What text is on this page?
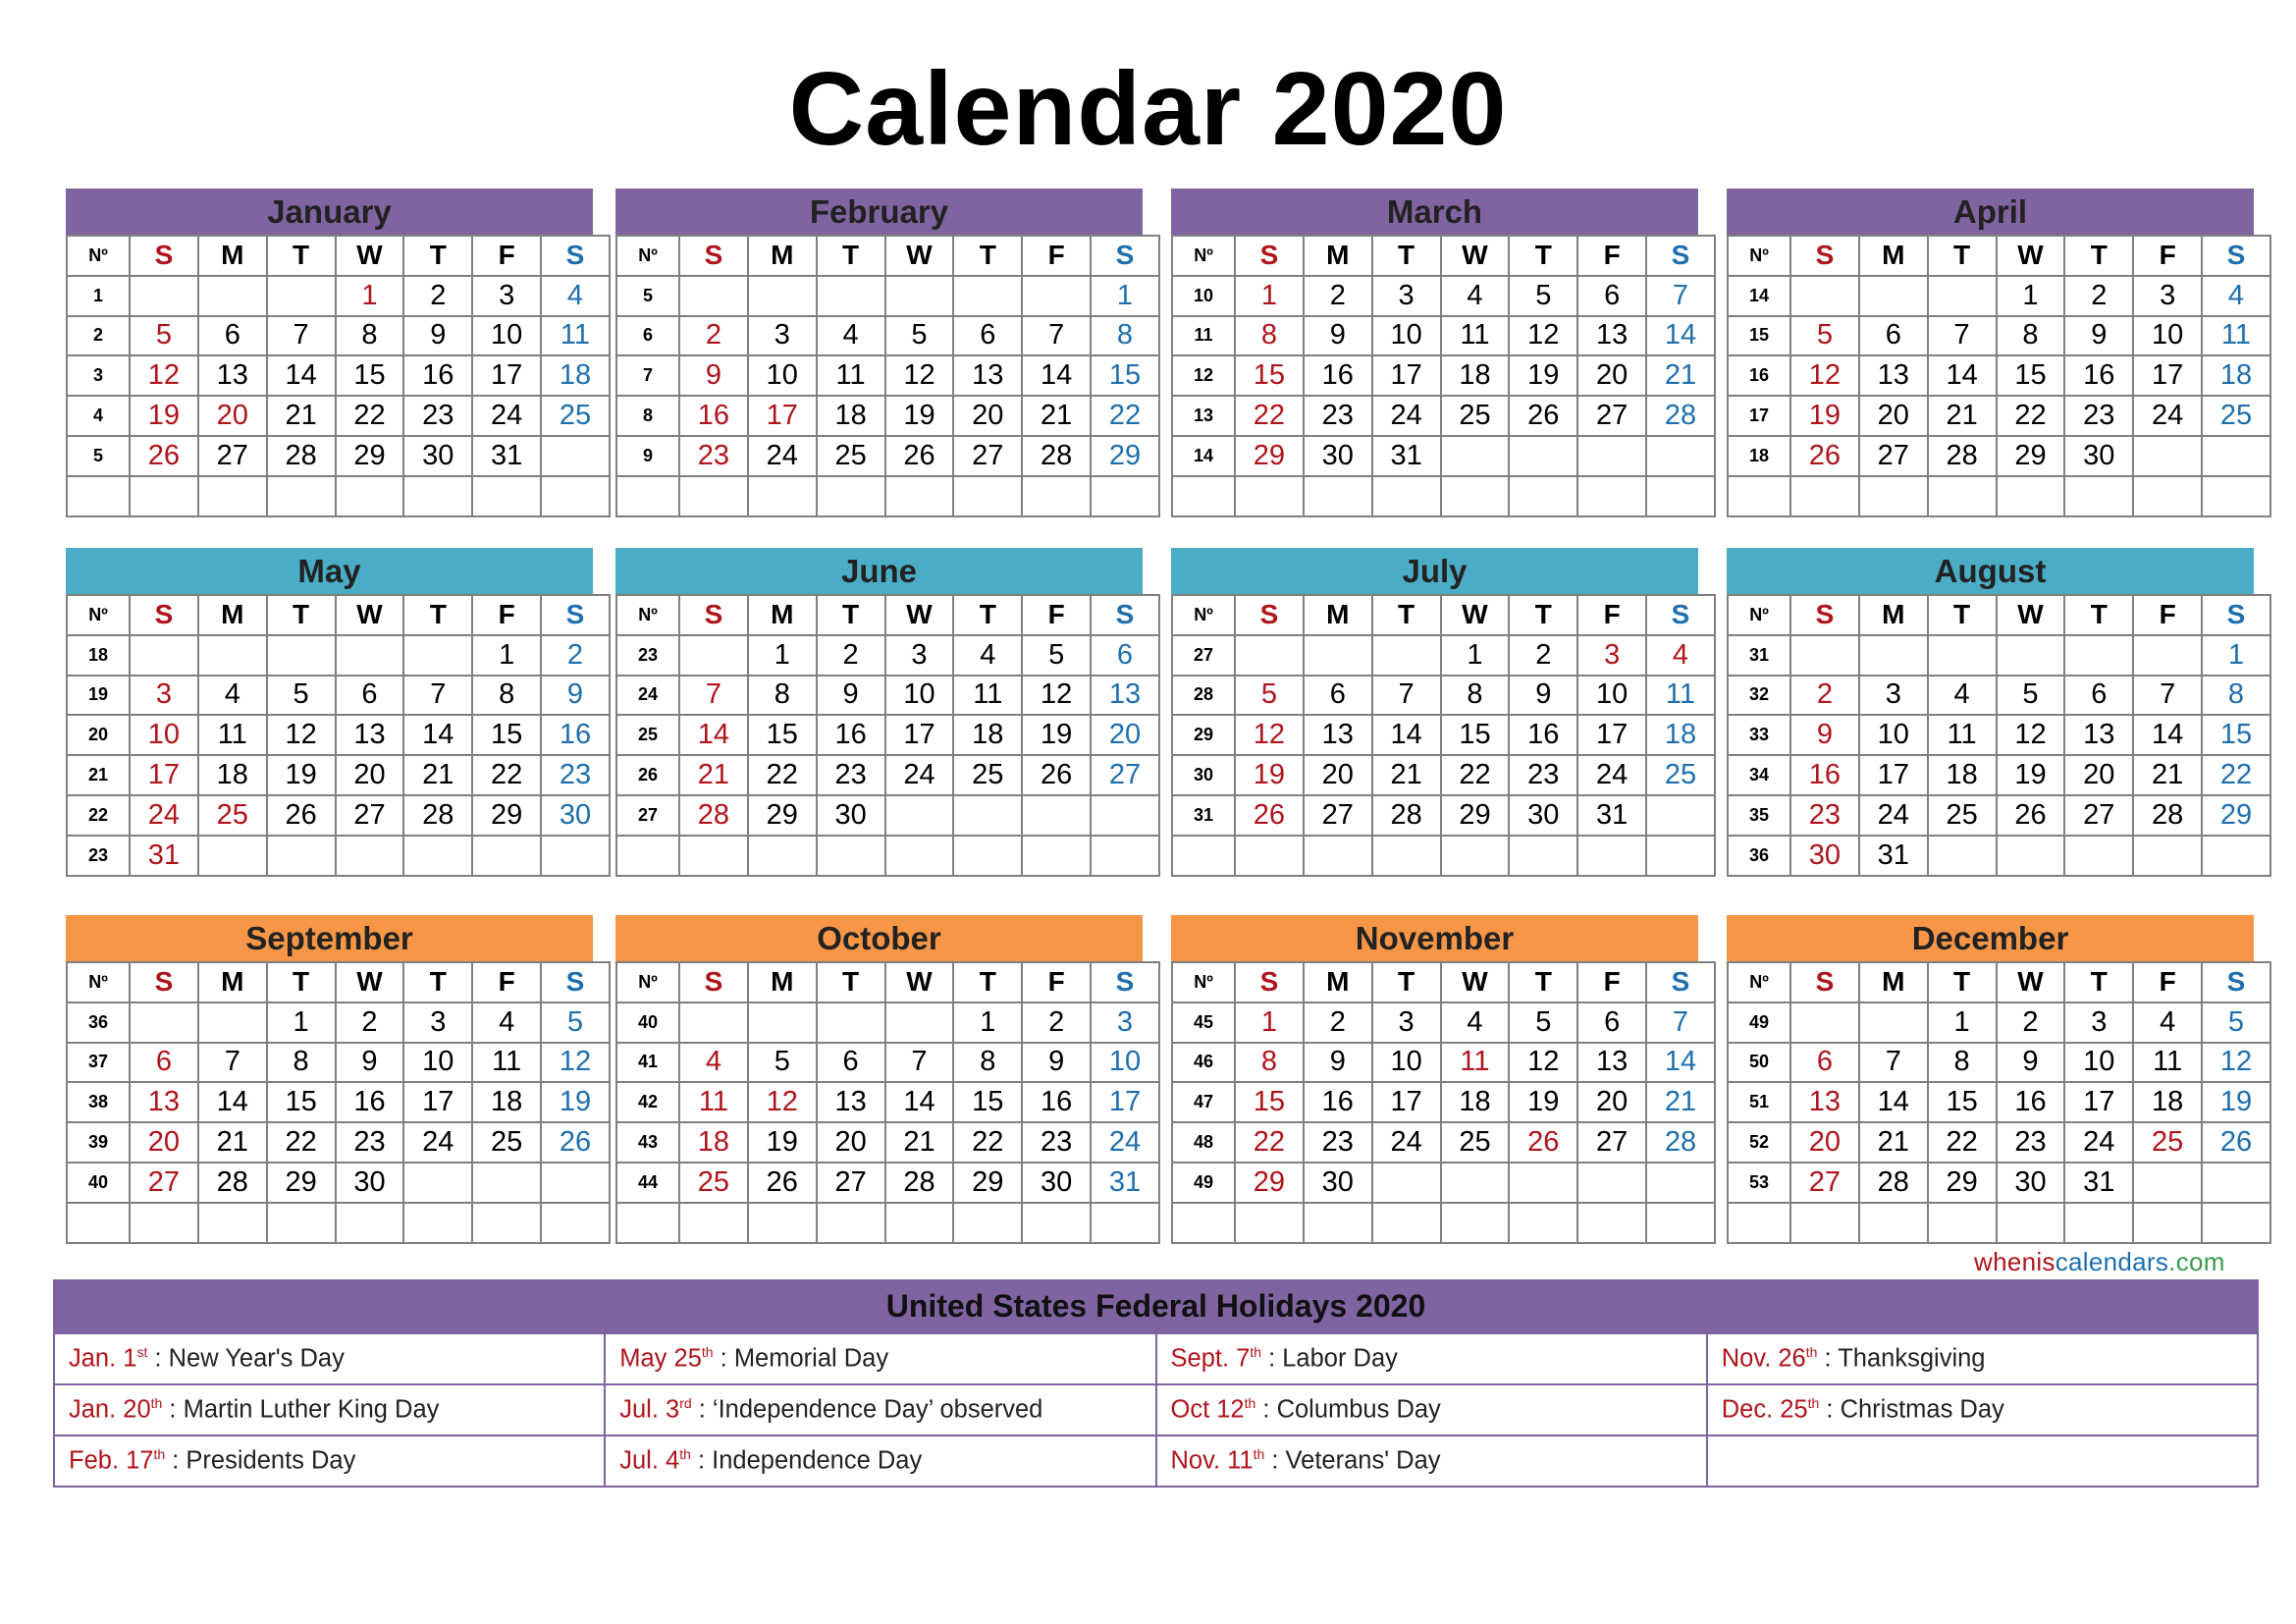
Calendar 2020
January
Nº	S	M	T	W	T	F	S
1				1	2	3	4
2	5	6	7	8	9	10	11
3	12	13	14	15	16	17	18
4	19	20	21	22	23	24	25
5	26	27	28	29	30	31	

February
Nº	S	M	T	W	T	F	S
5							1
6	2	3	4	5	6	7	8
7	9	10	11	12	13	14	15
8	16	17	18	19	20	21	22
9	23	24	25	26	27	28	29

March
Nº	S	M	T	W	T	F	S
10	1	2	3	4	5	6	7
11	8	9	10	11	12	13	14
12	15	16	17	18	19	20	21
13	22	23	24	25	26	27	28
14	29	30	31				

April
Nº	S	M	T	W	T	F	S
14				1	2	3	4
15	5	6	7	8	9	10	11
16	12	13	14	15	16	17	18
17	19	20	21	22	23	24	25
18	26	27	28	29	30		

May
Nº	S	M	T	W	T	F	S
18						1	2
19	3	4	5	6	7	8	9
20	10	11	12	13	14	15	16
21	17	18	19	20	21	22	23
22	24	25	26	27	28	29	30
23	31						
June
Nº	S	M	T	W	T	F	S
23		1	2	3	4	5	6
24	7	8	9	10	11	12	13
25	14	15	16	17	18	19	20
26	21	22	23	24	25	26	27
27	28	29	30				

July
Nº	S	M	T	W	T	F	S
27				1	2	3	4
28	5	6	7	8	9	10	11
29	12	13	14	15	16	17	18
30	19	20	21	22	23	24	25
31	26	27	28	29	30	31	

August
Nº	S	M	T	W	T	F	S
31							1
32	2	3	4	5	6	7	8
33	9	10	11	12	13	14	15
34	16	17	18	19	20	21	22
35	23	24	25	26	27	28	29
36	30	31					
September
Nº	S	M	T	W	T	F	S
36			1	2	3	4	5
37	6	7	8	9	10	11	12
38	13	14	15	16	17	18	19
39	20	21	22	23	24	25	26
40	27	28	29	30			

October
Nº	S	M	T	W	T	F	S
40					1	2	3
41	4	5	6	7	8	9	10
42	11	12	13	14	15	16	17
43	18	19	20	21	22	23	24
44	25	26	27	28	29	30	31

November
Nº	S	M	T	W	T	F	S
45	1	2	3	4	5	6	7
46	8	9	10	11	12	13	14
47	15	16	17	18	19	20	21
48	22	23	24	25	26	27	28
49	29	30					

December
Nº	S	M	T	W	T	F	S
49			1	2	3	4	5
50	6	7	8	9	10	11	12
51	13	14	15	16	17	18	19
52	20	21	22	23	24	25	26
53	27	28	29	30	31		

wheniscalendars.com
United States Federal Holidays 2020
Jan. 1st : New Year's Day	May 25th : Memorial Day	Sept. 7th : Labor Day	Nov. 26th : Thanksgiving
Jan. 20th : Martin Luther King Day	Jul. 3rd : ‘Independence Day’ observed	Oct 12th : Columbus Day	Dec. 25th : Christmas Day
Feb. 17th : Presidents Day	Jul. 4th : Independence Day	Nov. 11th : Veterans' Day	
